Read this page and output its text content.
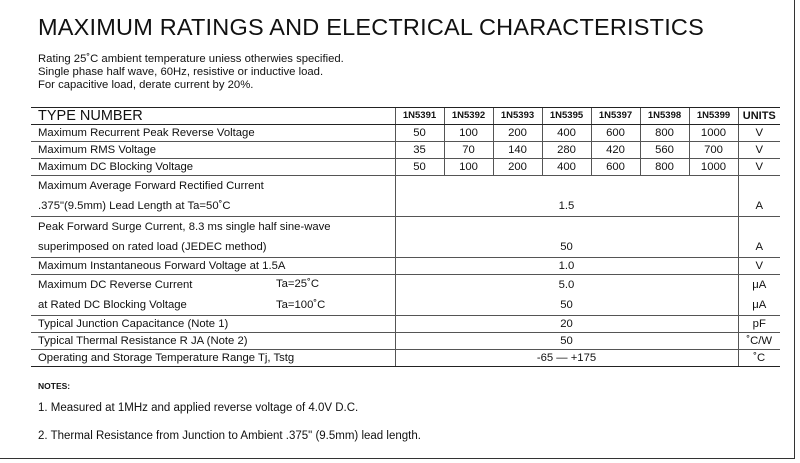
MAXIMUM RATINGS AND ELECTRICAL CHARACTERISTICS
Rating 25˚C ambient temperature uniess otherwies specified.
Single phase half wave, 60Hz, resistive or inductive load.
For capacitive load, derate current by 20%.
TYPE NUMBER	1N5391	1N5392	1N5393	1N5395	1N5397	1N5398	1N5399	UNITS
Maximum Recurrent Peak Reverse Voltage	50	100	200	400	600	800	1000	V
Maximum RMS Voltage	35	70	140	280	420	560	700	V
Maximum DC Blocking Voltage	50	100	200	400	600	800	1000	V
Maximum Average Forward Rectified Current								
.375"(9.5mm) Lead Length at Ta=50˚C	1.5							A
Peak Forward Surge Current, 8.3 ms single half sine-wave								
superimposed on rated load (JEDEC method)	50							A
Maximum Instantaneous Forward Voltage at 1.5A	1.0							V
Maximum DC Reverse Current Ta=25˚C	5.0							μA
at Rated DC Blocking Voltage Ta=100˚C	50							μA
Typical Junction Capacitance (Note 1)	20							pF
Typical Thermal Resistance R JA (Note 2)	50							˚C/W
Operating and Storage Temperature Range Tj, Tstg	-65 — +175							˚C
NOTES:
1. Measured at 1MHz and applied reverse voltage of 4.0V D.C.
2. Thermal Resistance from Junction to Ambient .375" (9.5mm) lead length.
